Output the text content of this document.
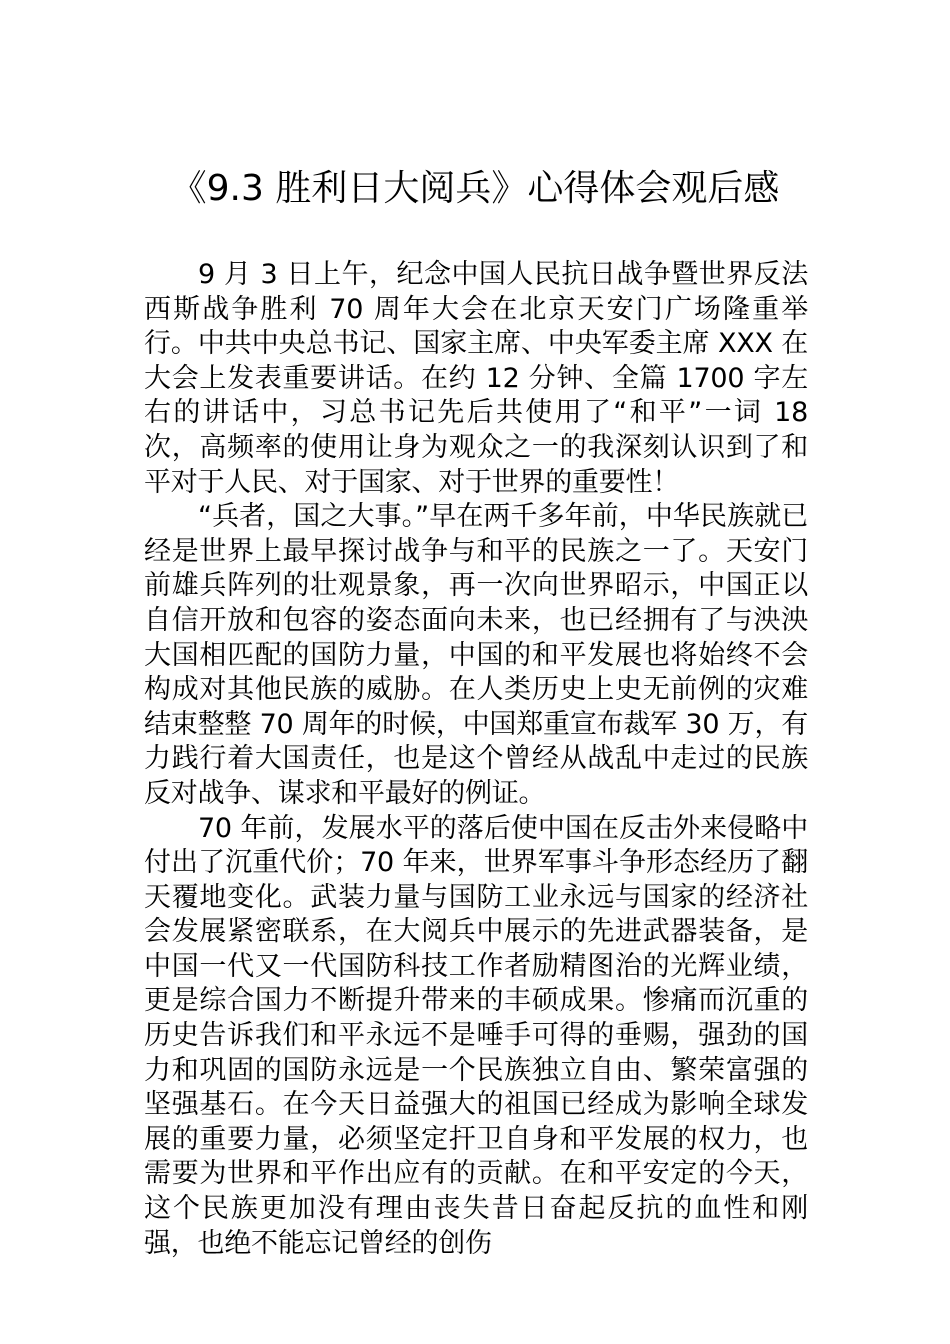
《9.3 胜利日大阅兵》心得体会观后感

9 月 3 日上午，纪念中国人民抗日战争暨世界反法西斯战争胜利 70 周年大会在北京天安门广场隆重举行。中共中央总书记、国家主席、中央军委主席 XXX 在大会上发表重要讲话。在约 12 分钟、全篇 1700 字左右的讲话中，习总书记先后共使用了“和平”一词 18 次，高频率的使用让身为观众之一的我深刻认识到了和平对于人民、对于国家、对于世界的重要性！

“兵者，国之大事。”早在两千多年前，中华民族就已经是世界上最早探讨战争与和平的民族之一了。天安门前雄兵阵列的壮观景象，再一次向世界昭示，中国正以自信开放和包容的姿态面向未来，也已经拥有了与泱泱大国相匹配的国防力量，中国的和平发展也将始终不会构成对其他民族的威胁。在人类历史上史无前例的灾难结束整整 70 周年的时候，中国郑重宣布裁军 30 万，有力践行着大国责任，也是这个曾经从战乱中走过的民族反对战争、谋求和平最好的例证。

70 年前，发展水平的落后使中国在反击外来侵略中付出了沉重代价；70 年来，世界军事斗争形态经历了翻天覆地变化。武装力量与国防工业永远与国家的经济社会发展紧密联系，在大阅兵中展示的先进武器装备，是中国一代又一代国防科技工作者励精图治的光辉业绩，更是综合国力不断提升带来的丰硕成果。惨痛而沉重的历史告诉我们和平永远不是唾手可得的垂赐，强劲的国力和巩固的国防永远是一个民族独立自由、繁荣富强的坚强基石。在今天日益强大的祖国已经成为影响全球发展的重要力量，必须坚定扞卫自身和平发展的权力，也需要为世界和平作出应有的贡献。在和平安定的今天，这个民族更加没有理由丧失昔日奋起反抗的血性和刚强，也绝不能忘记曾经的创伤
